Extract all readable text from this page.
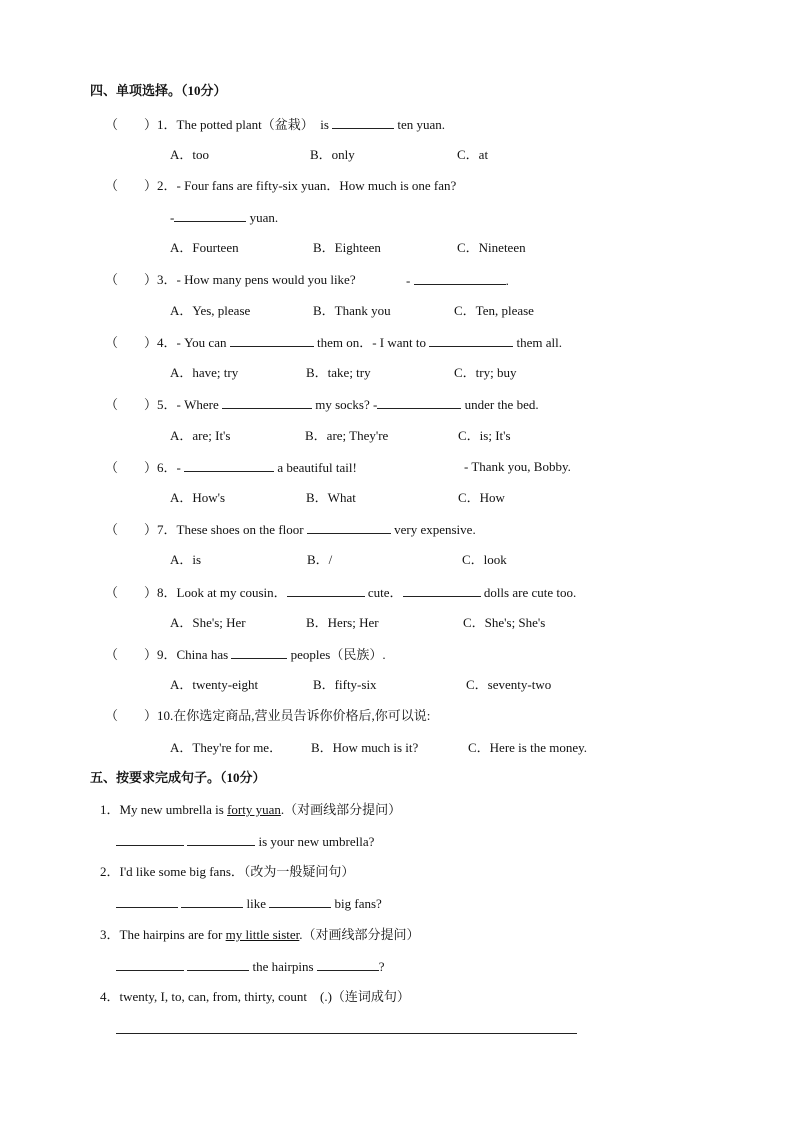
四、单项选择。（10分）
（　　）1．The potted plant（盆栽）　is	ten yuan.
A．too	B．only	C．at
（　　）2．- Four fans are fifty-six yuan．How much is one fan?
-	yuan.
A．Fourteen	B．Eighteen	C．Nineteen
（　　）3．- How many pens would you like?	-	.
A．Yes, please	B．Thank you	C．Ten, please
（　　）4．- You can	them on．- I want to	them all.
A．have; try	B．take; try	C．try; buy
（　　）5．- Where	my socks? -	under the bed.
A．are; It's	B．are; They're	C．is; It's
（　　）6．-	a beautiful tail!	- Thank you, Bobby.
A．How's	B．What	C．How
（　　）7．These shoes on the floor	very expensive.
A．is	B．/	C．look
（　　）8．Look at my cousin．	cute．	dolls are cute too.
A．She's; Her	B．Hers; Her	C．She's; She's
（　　）9．China has	peoples（民族）.
A．twenty-eight	B．fifty-six	C．seventy-two
（　　）10.在你选定商品,营业员告诉你价格后,你可以说:
A．They're for me． B．How much is it?	C．Here is the money.
五、按要求完成句子。（10分）
1．My new umbrella is forty yuan.（对画线部分提问）
is your new umbrella?
2．I'd like some big fans．（改为一般疑问句）
like	big fans?
3．The hairpins are for my little sister.（对画线部分提问）
the hairpins	?
4．twenty, I, to, can, from, thirty, count　(.)（连词成句）
